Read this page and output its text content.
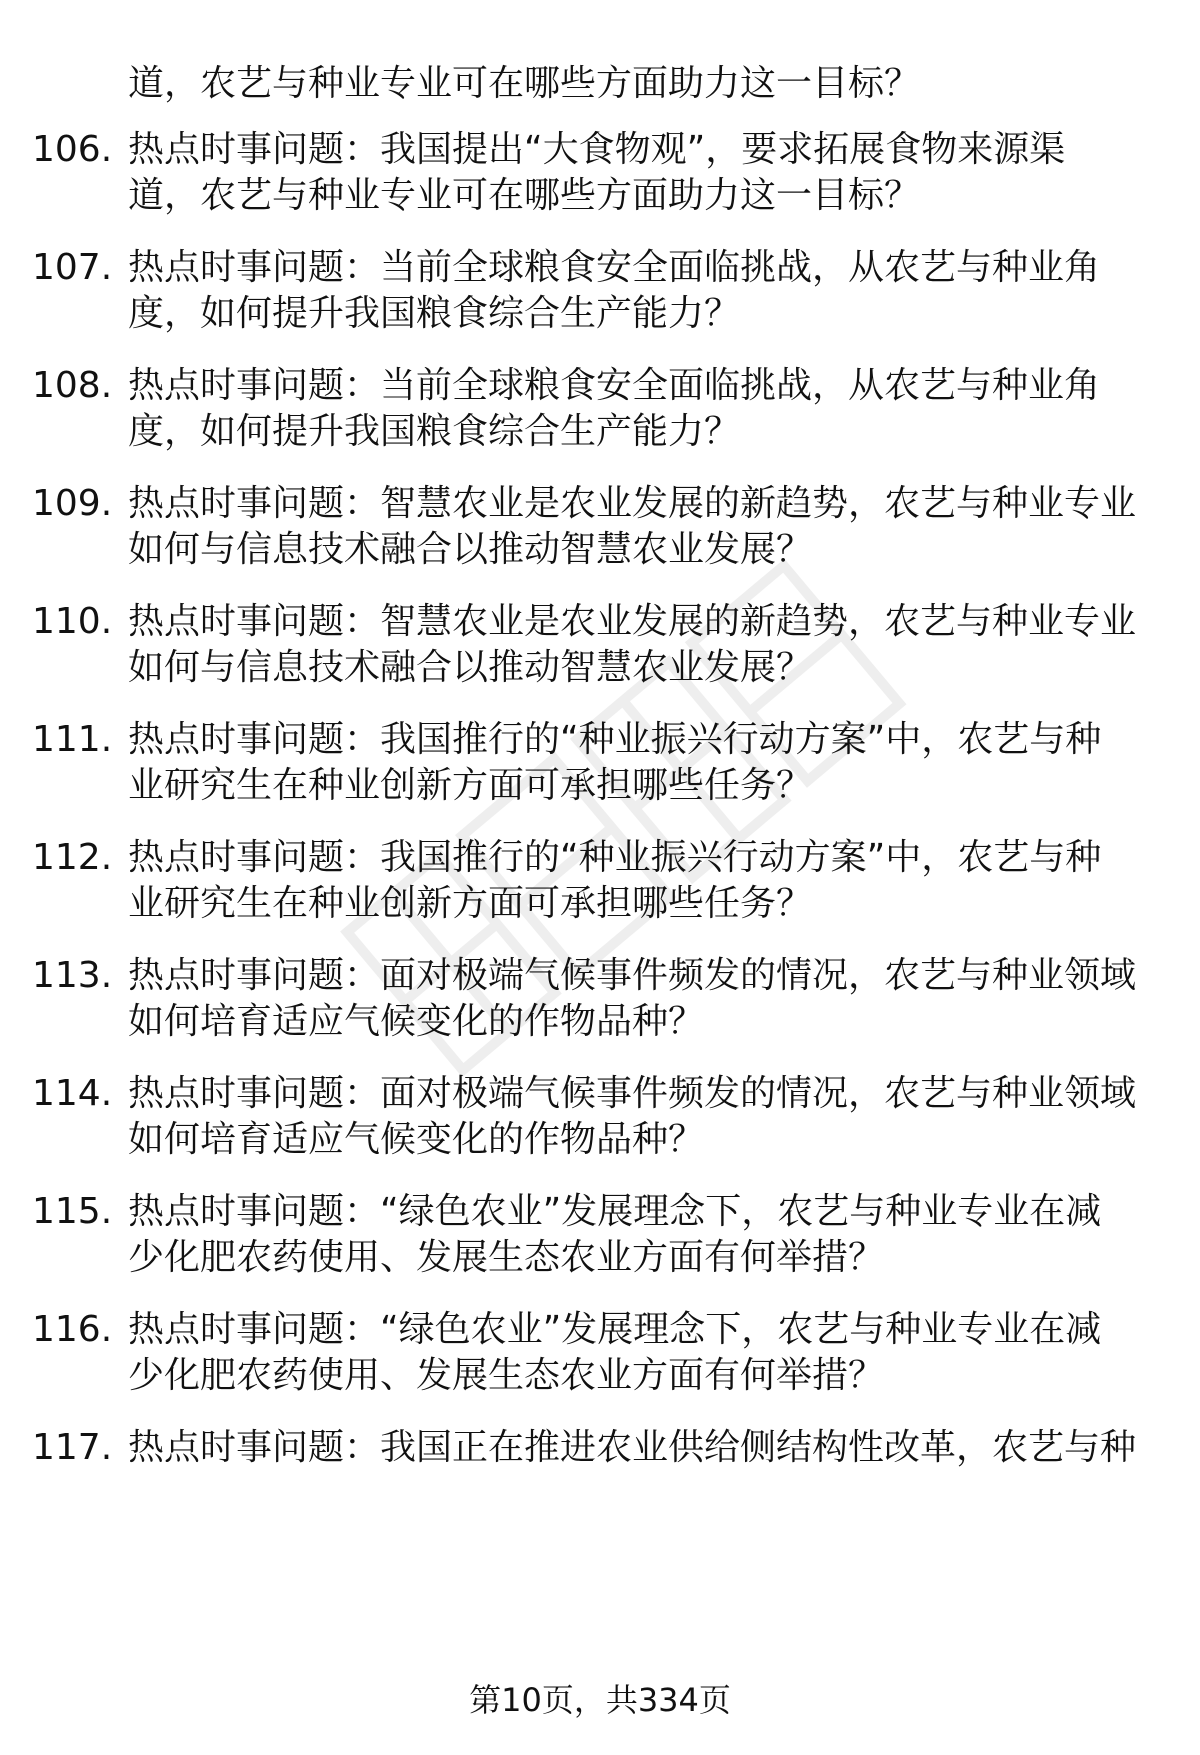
道，农艺与种业专业可在哪些方面助力这一目标？
106. 热点时事问题：我国提出“大食物观”，要求拓展食物来源渠
道，农艺与种业专业可在哪些方面助力这一目标？
107. 热点时事问题：当前全球粮食安全面临挑战，从农艺与种业角
度，如何提升我国粮食综合生产能力？
108. 热点时事问题：当前全球粮食安全面临挑战，从农艺与种业角
度，如何提升我国粮食综合生产能力？
109. 热点时事问题：智慧农业是农业发展的新趋势，农艺与种业专业
如何与信息技术融合以推动智慧农业发展？
110. 热点时事问题：智慧农业是农业发展的新趋势，农艺与种业专业
如何与信息技术融合以推动智慧农业发展？
111. 热点时事问题：我国推行的“种业振兴行动方案”中，农艺与种
业研究生在种业创新方面可承担哪些任务？
112. 热点时事问题：我国推行的“种业振兴行动方案”中，农艺与种
业研究生在种业创新方面可承担哪些任务？
113. 热点时事问题：面对极端气候事件频发的情况，农艺与种业领域
如何培育适应气候变化的作物品种？
114. 热点时事问题：面对极端气候事件频发的情况，农艺与种业领域
如何培育适应气候变化的作物品种？
115. 热点时事问题：“绿色农业”发展理念下，农艺与种业专业在减
少化肥农药使用、发展生态农业方面有何举措？
116. 热点时事问题：“绿色农业”发展理念下，农艺与种业专业在减
少化肥农药使用、发展生态农业方面有何举措？
117. 热点时事问题：我国正在推进农业供给侧结构性改革，农艺与种
第10页，共334页
